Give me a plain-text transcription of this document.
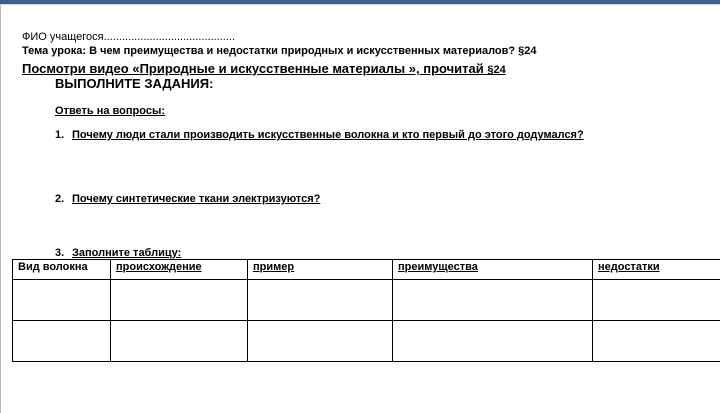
ФИО учащегося...........................................
Тема урока: В чем преимущества и недостатки природных и искусственных материалов? §24
Посмотри видео «Природные и искусственные материалы », прочитай §24
ВЫПОЛНИТЕ ЗАДАНИЯ:
Ответь на вопросы:
1. Почему люди стали производить искусственные волокна и кто первый до этого додумался?
2. Почему синтетические ткани электризуются?
3. Заполните таблицу:
Вид волокна	происхождение	пример	преимущества	недостатки
